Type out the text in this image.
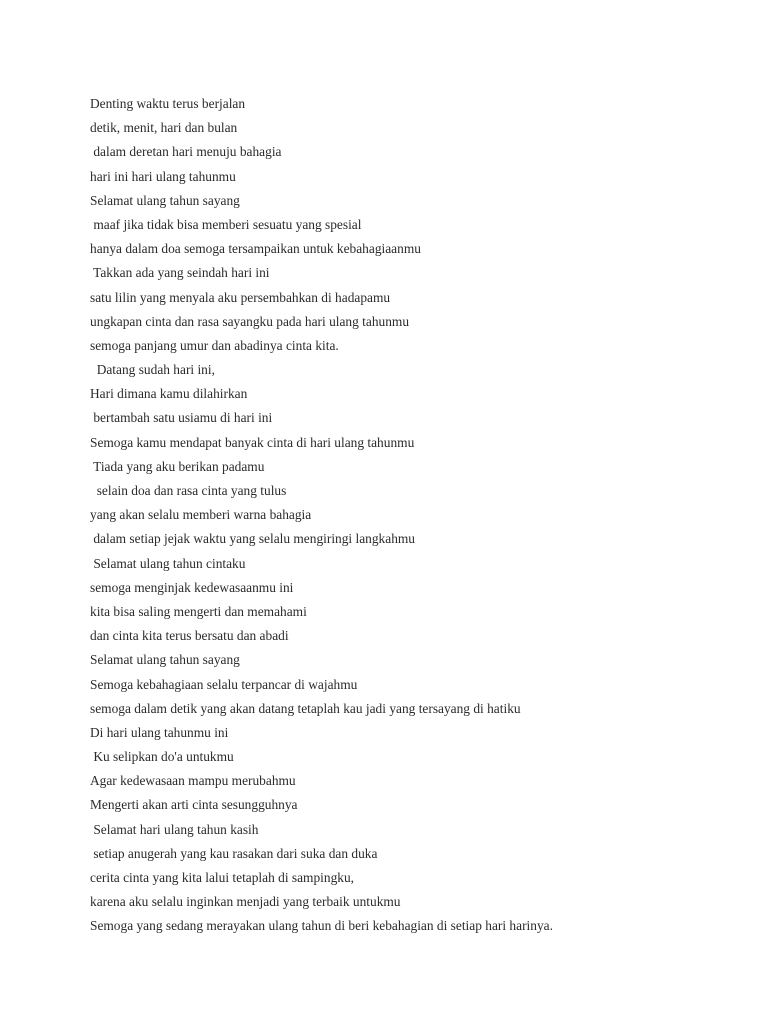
Denting waktu terus berjalan
detik, menit, hari dan bulan
dalam deretan hari menuju bahagia
hari ini hari ulang tahunmu
Selamat ulang tahun sayang
maaf jika tidak bisa memberi sesuatu yang spesial
hanya dalam doa semoga tersampaikan untuk kebahagiaanmu
Takkan ada yang seindah hari ini
satu lilin yang menyala aku persembahkan di hadapamu
ungkapan cinta dan rasa sayangku pada hari ulang tahunmu
semoga panjang umur dan abadinya cinta kita.
Datang sudah hari ini,
Hari dimana kamu dilahirkan
bertambah satu usiamu di hari ini
Semoga kamu mendapat banyak cinta di hari ulang tahunmu
Tiada yang aku berikan padamu
selain doa dan rasa cinta yang tulus
yang akan selalu memberi warna bahagia
dalam setiap jejak waktu yang selalu mengiringi langkahmu
Selamat ulang tahun cintaku
semoga menginjak kedewasaanmu ini
kita bisa saling mengerti dan memahami
dan cinta kita terus bersatu dan abadi
Selamat ulang tahun sayang
Semoga kebahagiaan selalu terpancar di wajahmu
semoga dalam detik yang akan datang tetaplah kau jadi yang tersayang di hatiku
Di hari ulang tahunmu ini
Ku selipkan do'a untukmu
Agar kedewasaan mampu merubahmu
Mengerti akan arti cinta sesungguhnya
Selamat hari ulang tahun kasih
setiap anugerah yang kau rasakan dari suka dan duka
cerita cinta yang kita lalui tetaplah di sampingku,
karena aku selalu inginkan menjadi yang terbaik untukmu
Semoga yang sedang merayakan ulang tahun di beri kebahagian di setiap hari harinya.
